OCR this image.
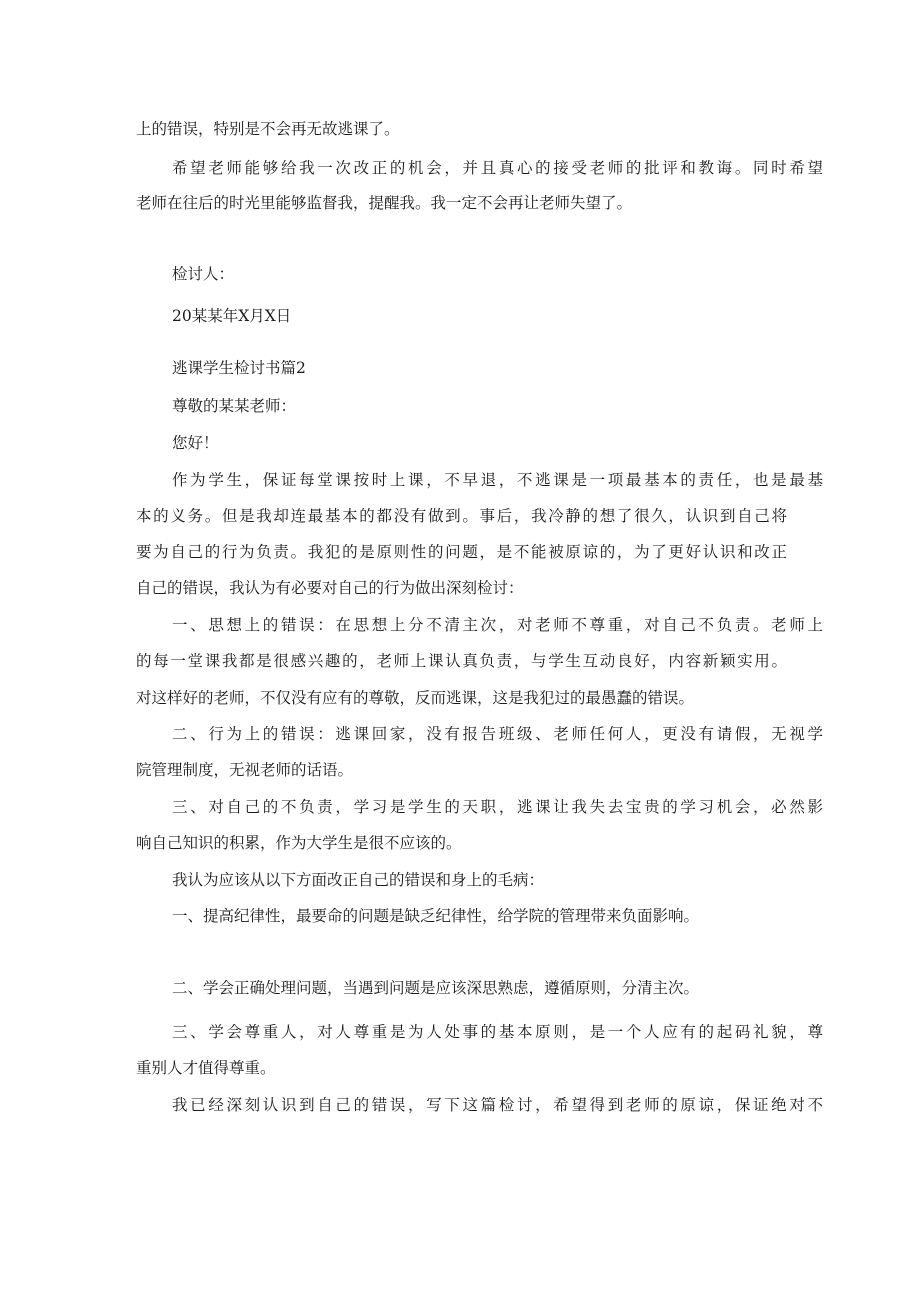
上的错误，特别是不会再无故逃课了。
希望老师能够给我一次改正的机会，并且真心的接受老师的批评和教诲。同时希望
老师在往后的时光里能够监督我，提醒我。我一定不会再让老师失望了。
检讨人：
20某某年X月X日
逃课学生检讨书篇2
尊敬的某某老师：
您好！
作为学生，保证每堂课按时上课，不早退，不逃课是一项最基本的责任，也是最基
本的义务。但是我却连最基本的都没有做到。事后，我冷静的想了很久，认识到自己将
要为自己的行为负责。我犯的是原则性的问题，是不能被原谅的，为了更好认识和改正
自己的错误，我认为有必要对自己的行为做出深刻检讨：
一、思想上的错误：在思想上分不清主次，对老师不尊重，对自己不负责。老师上
的每一堂课我都是很感兴趣的，老师上课认真负责，与学生互动良好，内容新颖实用。
对这样好的老师，不仅没有应有的尊敬，反而逃课，这是我犯过的最愚蠢的错误。
二、行为上的错误：逃课回家，没有报告班级、老师任何人，更没有请假，无视学
院管理制度，无视老师的话语。
三、对自己的不负责，学习是学生的天职，逃课让我失去宝贵的学习机会，必然影
响自己知识的积累，作为大学生是很不应该的。
我认为应该从以下方面改正自己的错误和身上的毛病：
一、提高纪律性，最要命的问题是缺乏纪律性，给学院的管理带来负面影响。
二、学会正确处理问题，当遇到问题是应该深思熟虑，遵循原则，分清主次。
三、学会尊重人，对人尊重是为人处事的基本原则，是一个人应有的起码礼貌，尊
重别人才值得尊重。
我已经深刻认识到自己的错误，写下这篇检讨，希望得到老师的原谅，保证绝对不
